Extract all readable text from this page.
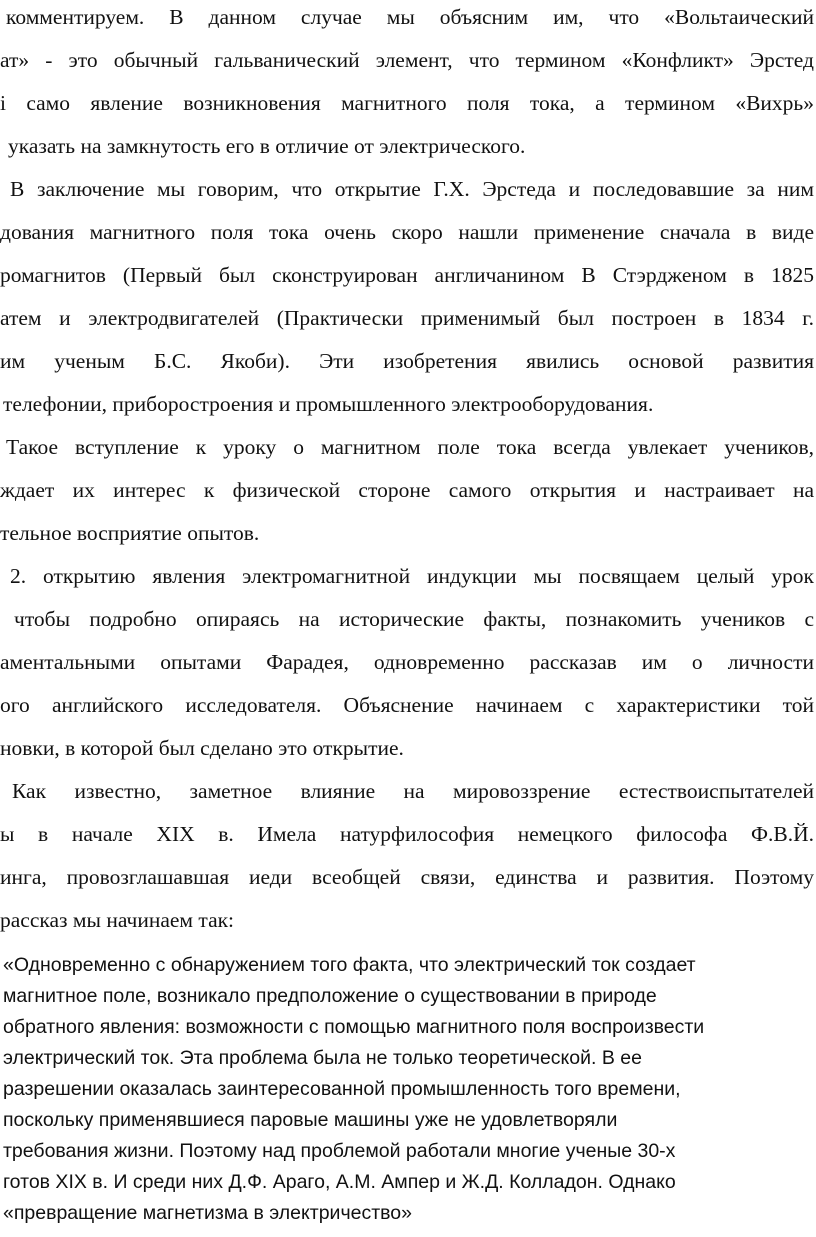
комментируем. В данном случае мы объясним им, что «Вольтаический
ат» - это обычный гальванический элемент, что термином «Конфликт» Эрстед
i само явление возникновения магнитного поля тока, а термином «Вихрь»
указать на замкнутость его в отличие от электрического.
В заключение мы говорим, что открытие Г.Х. Эрстеда и последовавшие за ним
дования магнитного поля тока очень скоро нашли применение сначала в виде
ромагнитов (Первый был сконструирован англичанином В Стэрдженом в 1825
атем и электродвигателей (Практически применимый был построен в 1834 г.
им ученым Б.С. Якоби). Эти изобретения явились основой развития
телефонии, приборостроения и промышленного электрооборудования.
Такое вступление к уроку о магнитном поле тока всегда увлекает учеников,
ждает их интерес к физической стороне самого открытия и настраивает на
тельное восприятие опытов.
2. открытию явления электромагнитной индукции мы посвящаем целый урок
чтобы подробно опираясь на исторические факты, познакомить учеников с
аментальными опытами Фарадея, одновременно рассказав им о личности
ого английского исследователя. Объяснение начинаем с характеристики той
новки, в которой был сделано это открытие.
Как известно, заметное влияние на мировоззрение естествоиспытателей
ы в начале XIX в. Имела натурфилософия немецкого философа Ф.В.Й.
инга, провозглашавшая иеди всеобщей связи, единства и развития. Поэтому
рассказ мы начинаем так:
«Одновременно с обнаружением того факта, что электрический ток создает
магнитное поле, возникало предположение о существовании в природе
обратного явления: возможности с помощью магнитного поля воспроизвести
электрический ток. Эта проблема была не только теоретической. В ее
разрешении оказалась заинтересованной промышленность того времени,
поскольку применявшиеся паровые машины уже не удовлетворяли
требования жизни. Поэтому над проблемой работали многие ученые 30-х
готов XIX в. И среди них Д.Ф. Араго, А.М. Ампер и Ж.Д. Колладон. Однако
«превращение магнетизма в электричество»
